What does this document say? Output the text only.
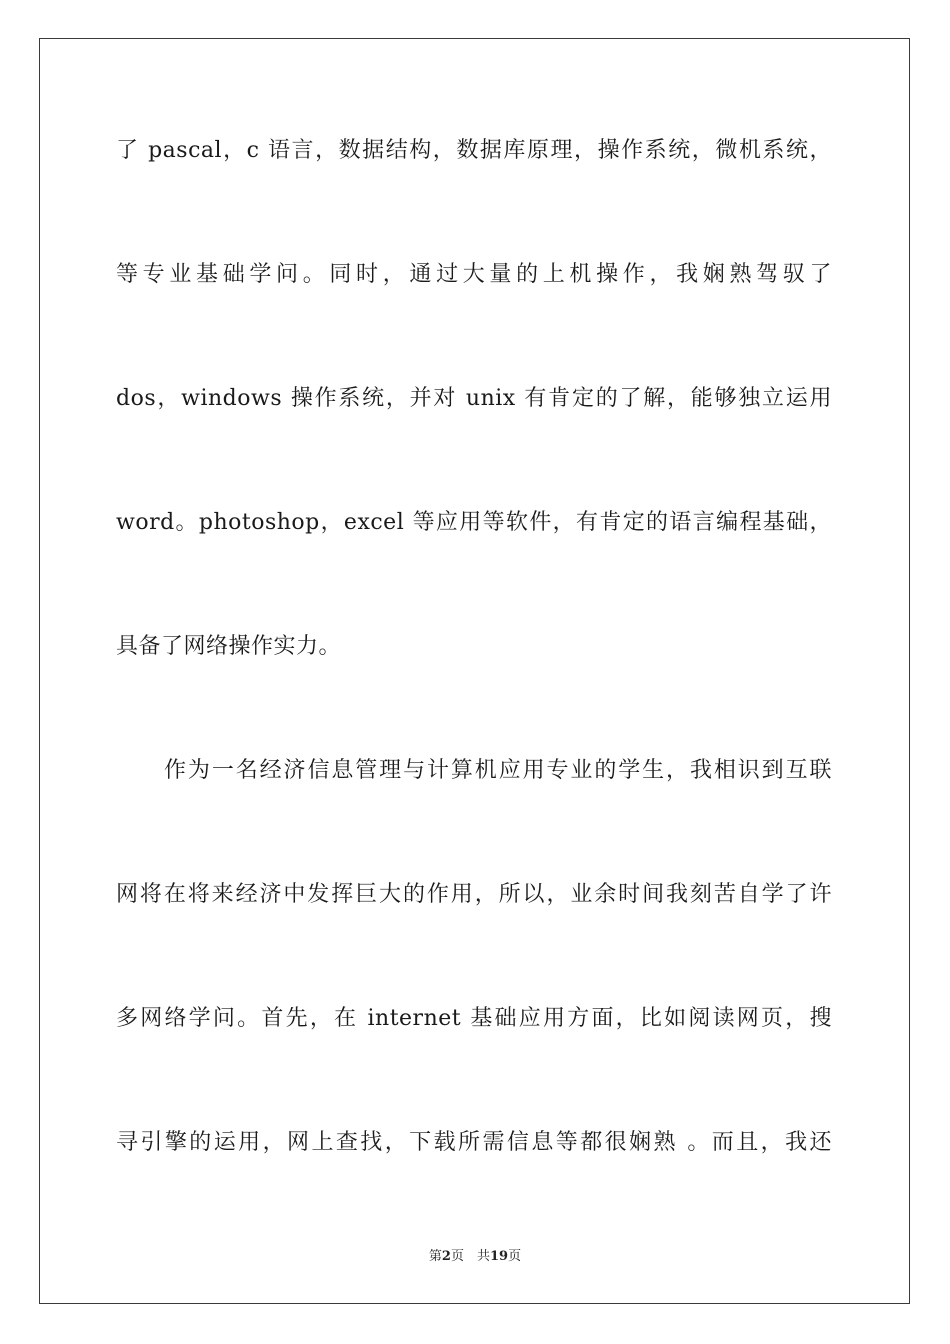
了 pascal，c 语言，数据结构，数据库原理，操作系统，微机系统，
等专业基础学问。同时，通过大量的上机操作，我娴熟驾驭了
dos，windows 操作系统，并对 unix 有肯定的了解，能够独立运用
word。photoshop，excel 等应用等软件，有肯定的语言编程基础，
具备了网络操作实力。
作为一名经济信息管理与计算机应用专业的学生，我相识到互联
网将在将来经济中发挥巨大的作用，所以，业余时间我刻苦自学了许
多网络学问。首先，在 internet 基础应用方面，比如阅读网页，搜
寻引擎的运用，网上查找，下载所需信息等都很娴熟 。而且，我还
第2页　共19页
